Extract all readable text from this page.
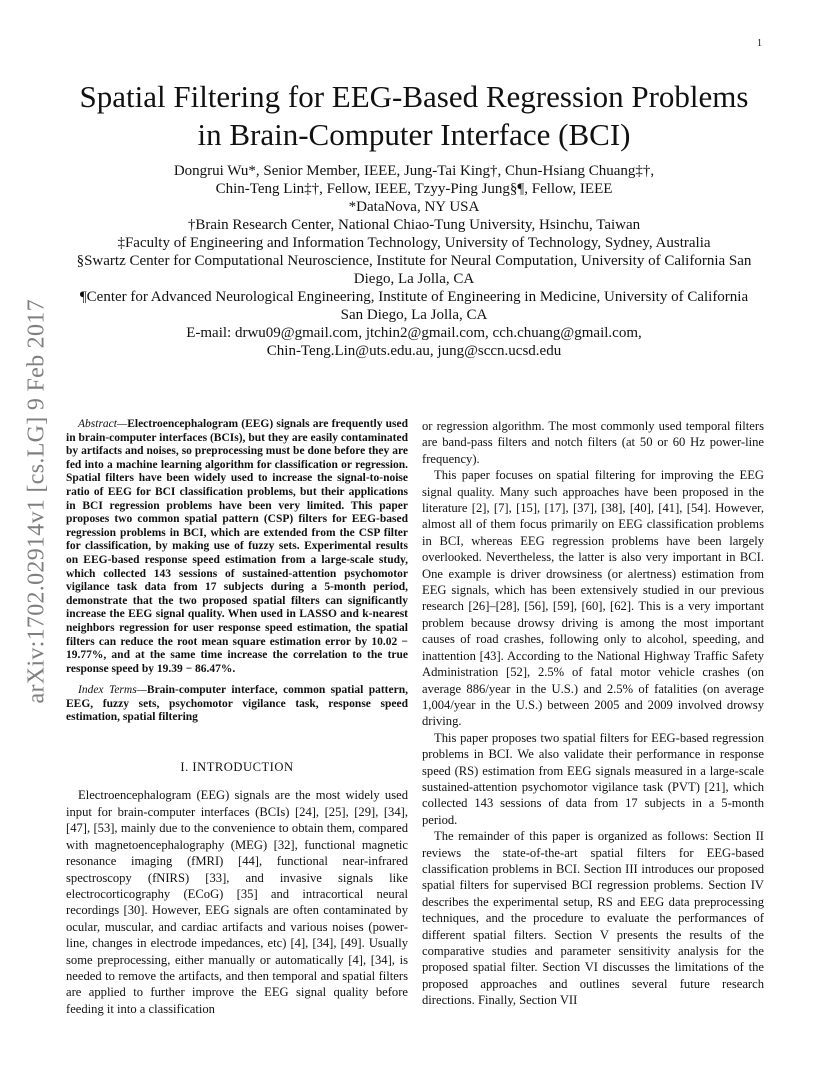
1
arXiv:1702.02914v1 [cs.LG] 9 Feb 2017
Spatial Filtering for EEG-Based Regression Problems in Brain-Computer Interface (BCI)
Dongrui Wu*, Senior Member, IEEE, Jung-Tai King†, Chun-Hsiang Chuang‡†,
Chin-Teng Lin‡†, Fellow, IEEE, Tzyy-Ping Jung§¶, Fellow, IEEE
*DataNova, NY USA
†Brain Research Center, National Chiao-Tung University, Hsinchu, Taiwan
‡Faculty of Engineering and Information Technology, University of Technology, Sydney, Australia
§Swartz Center for Computational Neuroscience, Institute for Neural Computation, University of California San Diego, La Jolla, CA
¶Center for Advanced Neurological Engineering, Institute of Engineering in Medicine, University of California San Diego, La Jolla, CA
E-mail: drwu09@gmail.com, jtchin2@gmail.com, cch.chuang@gmail.com,
Chin-Teng.Lin@uts.edu.au, jung@sccn.ucsd.edu

Abstract—Electroencephalogram (EEG) signals are frequently used in brain-computer interfaces (BCIs), but they are easily contaminated by artifacts and noises, so preprocessing must be done before they are fed into a machine learning algorithm for classification or regression. Spatial filters have been widely used to increase the signal-to-noise ratio of EEG for BCI classification problems, but their applications in BCI regression problems have been very limited. This paper proposes two common spatial pattern (CSP) filters for EEG-based regression problems in BCI, which are extended from the CSP filter for classification, by making use of fuzzy sets. Experimental results on EEG-based response speed estimation from a large-scale study, which collected 143 sessions of sustained-attention psychomotor vigilance task data from 17 subjects during a 5-month period, demonstrate that the two proposed spatial filters can significantly increase the EEG signal quality. When used in LASSO and k-nearest neighbors regression for user response speed estimation, the spatial filters can reduce the root mean square estimation error by 10.02 − 19.77%, and at the same time increase the correlation to the true response speed by 19.39 − 86.47%.

Index Terms—Brain-computer interface, common spatial pattern, EEG, fuzzy sets, psychomotor vigilance task, response speed estimation, spatial filtering

I. INTRODUCTION

Electroencephalogram (EEG) signals are the most widely used input for brain-computer interfaces (BCIs) [24], [25], [29], [34], [47], [53], mainly due to the convenience to obtain them, compared with magnetoencephalography (MEG) [32], functional magnetic resonance imaging (fMRI) [44], functional near-infrared spectroscopy (fNIRS) [33], and invasive signals like electrocorticography (ECoG) [35] and intracortical neural recordings [30]. However, EEG signals are often contaminated by ocular, muscular, and cardiac artifacts and various noises (power-line, changes in electrode impedances, etc) [4], [34], [49]. Usually some preprocessing, either manually or automatically [4], [34], is needed to remove the artifacts, and then temporal and spatial filters are applied to further improve the EEG signal quality before feeding it into a classification

or regression algorithm. The most commonly used temporal filters are band-pass filters and notch filters (at 50 or 60 Hz power-line frequency).

This paper focuses on spatial filtering for improving the EEG signal quality. Many such approaches have been proposed in the literature [2], [7], [15], [17], [37], [38], [40], [41], [54]. However, almost all of them focus primarily on EEG classification problems in BCI, whereas EEG regression problems have been largely overlooked. Nevertheless, the latter is also very important in BCI. One example is driver drowsiness (or alertness) estimation from EEG signals, which has been extensively studied in our previous research [26]–[28], [56], [59], [60], [62]. This is a very important problem because drowsy driving is among the most important causes of road crashes, following only to alcohol, speeding, and inattention [43]. According to the National Highway Traffic Safety Administration [52], 2.5% of fatal motor vehicle crashes (on average 886/year in the U.S.) and 2.5% of fatalities (on average 1,004/year in the U.S.) between 2005 and 2009 involved drowsy driving.

This paper proposes two spatial filters for EEG-based regression problems in BCI. We also validate their performance in response speed (RS) estimation from EEG signals measured in a large-scale sustained-attention psychomotor vigilance task (PVT) [21], which collected 143 sessions of data from 17 subjects in a 5-month period.

The remainder of this paper is organized as follows: Section II reviews the state-of-the-art spatial filters for EEG-based classification problems in BCI. Section III introduces our proposed spatial filters for supervised BCI regression problems. Section IV describes the experimental setup, RS and EEG data preprocessing techniques, and the procedure to evaluate the performances of different spatial filters. Section V presents the results of the comparative studies and parameter sensitivity analysis for the proposed spatial filter. Section VI discusses the limitations of the proposed approaches and outlines several future research directions. Finally, Section VII
